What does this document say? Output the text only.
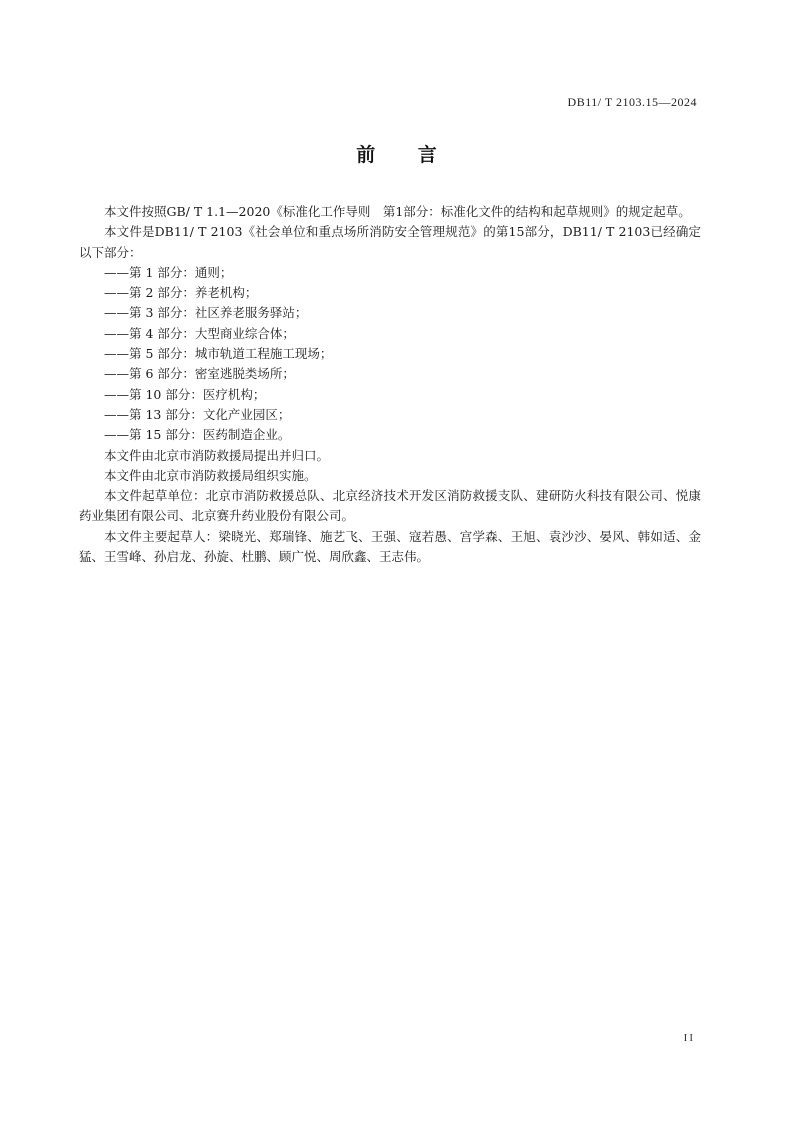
DB11/ T 2103.15—2024
前 言

本文件按照GB/ T 1.1—2020《标准化工作导则　第1部分：标准化文件的结构和起草规则》的规定起草。

本文件是DB11/ T 2103《社会单位和重点场所消防安全管理规范》的第15部分，DB11/ T 2103已经确定以下部分：

——第 1 部分：通则；

——第 2 部分：养老机构；

——第 3 部分：社区养老服务驿站；

——第 4 部分：大型商业综合体；

——第 5 部分：城市轨道工程施工现场；

——第 6 部分：密室逃脱类场所；

——第 10 部分：医疗机构；

——第 13 部分：文化产业园区；

——第 15 部分：医药制造企业。

本文件由北京市消防救援局提出并归口。

本文件由北京市消防救援局组织实施。

本文件起草单位：北京市消防救援总队、北京经济技术开发区消防救援支队、建研防火科技有限公司、悦康药业集团有限公司、北京赛升药业股份有限公司。

本文件主要起草人：梁晓光、郑瑞锋、施艺飞、王强、寇若愚、宫学森、王旭、袁沙沙、晏风、韩如适、金猛、王雪峰、孙启龙、孙旋、杜鹏、顾广悦、周欣鑫、王志伟。

II
